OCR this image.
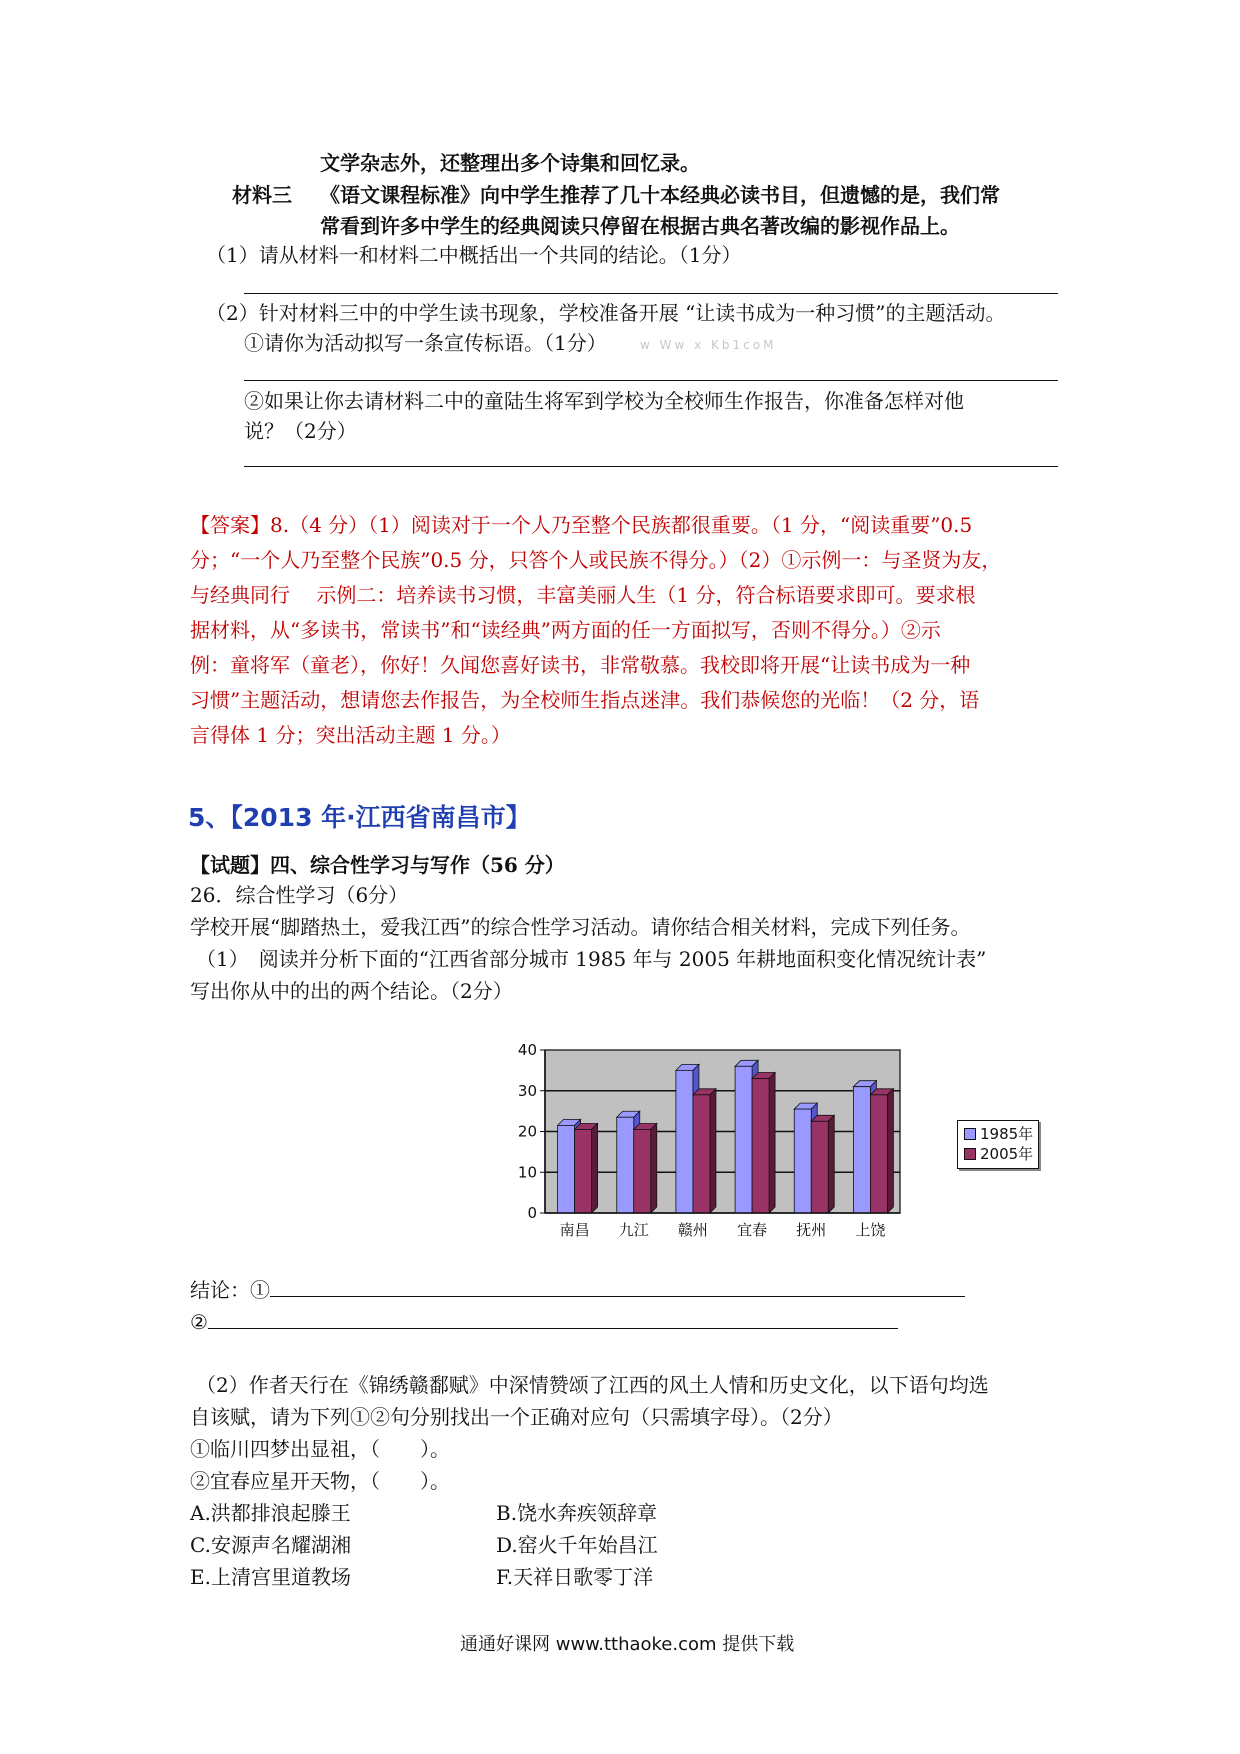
文学杂志外，还整理出多个诗集和回忆录。
材料三 《语文课程标准》向中学生推荐了几十本经典必读书目，但遗憾的是，我们常
常看到许多中学生的经典阅读只停留在根据古典名著改编的影视作品上。
（1）请从材料一和材料二中概括出一个共同的结论。（1分）
（2）针对材料三中的中学生读书现象，学校准备开展 “让读书成为一种习惯”的主题活动。
①请你为活动拟写一条宣传标语。（1分）	w Ww x Kb1coM
②如果让你去请材料二中的童陆生将军到学校为全校师生作报告，你准备怎样对他
说？（2分）
【答案】8.（4 分）（1）阅读对于一个人乃至整个民族都很重要。（1 分，“阅读重要”0.5
分；“一个人乃至整个民族”0.5 分，只答个人或民族不得分。）（2）①示例一：与圣贤为友，
与经典同行　 示例二：培养读书习惯，丰富美丽人生（1 分，符合标语要求即可。要求根
据材料，从“多读书，常读书”和“读经典”两方面的任一方面拟写，否则不得分。）②示
例：童将军（童老），你好！久闻您喜好读书，非常敬慕。我校即将开展“让读书成为一种
习惯”主题活动，想请您去作报告，为全校师生指点迷津。我们恭候您的光临！（2 分，语
言得体 1 分；突出活动主题 1 分。）
5、【2013 年·江西省南昌市】
【试题】四、综合性学习与写作（56 分）
26．综合性学习（6分）
学校开展“脚踏热土，爱我江西”的综合性学习活动。请你结合相关材料，完成下列任务。
（1）　阅读并分析下面的“江西省部分城市 1985 年与 2005 年耕地面积变化情况统计表”
写出你从中的出的两个结论。（2分）
0
10
20
30
40
南昌 九江 赣州 宜春 抚州 上饶
1985年
2005年
结论：①
②
（2）作者天行在《锦绣赣鄱赋》中深情赞颂了江西的风土人情和历史文化，以下语句均选
自该赋，请为下列①②句分别找出一个正确对应句（只需填字母）。（2分）
①临川四梦出显祖，（　　）。
②宜春应星开天物，（　　）。
A.洪都排浪起滕王	B.饶水奔疾领辞章
C.安源声名耀湖湘	D.窑火千年始昌江
E.上清宫里道教场	F.天祥日歌零丁洋
通通好课网 www.tthaoke.com 提供下载
